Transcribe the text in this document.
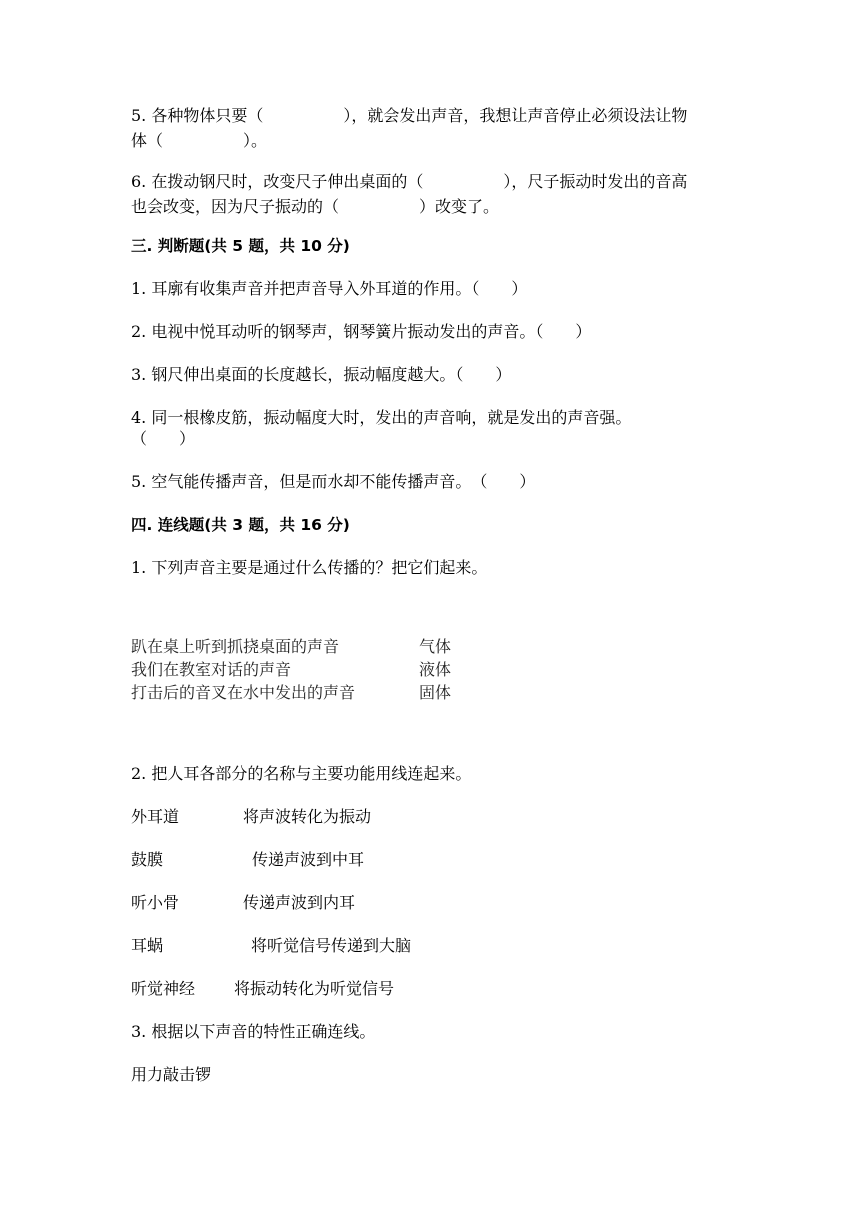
5. 各种物体只要（　　　　　），就会发出声音，我想让声音停止必须设法让物
体（　　　　　）。
6. 在拨动钢尺时，改变尺子伸出桌面的（　　　　　），尺子振动时发出的音高
也会改变，因为尺子振动的（　　　　　）改变了。
三. 判断题(共 5 题，共 10 分)
1. 耳廓有收集声音并把声音导入外耳道的作用。（　　）
2. 电视中悦耳动听的钢琴声，钢琴簧片振动发出的声音。（　　）
3. 钢尺伸出桌面的长度越长，振动幅度越大。（　　）
4. 同一根橡皮筋，振动幅度大时，发出的声音响，就是发出的声音强。
（　　）
5. 空气能传播声音，但是而水却不能传播声音。　（　　）
四. 连线题(共 3 题，共 16 分)
1. 下列声音主要是通过什么传播的？把它们起来。
趴在桌上听到抓挠桌面的声音	气体
我们在教室对话的声音	液体
打击后的音叉在水中发出的声音	固体
2. 把人耳各部分的名称与主要功能用线连起来。
外耳道	将声波转化为振动
鼓膜	传递声波到中耳
听小骨	传递声波到内耳
耳蜗	将听觉信号传递到大脑
听觉神经 将振动转化为听觉信号
3. 根据以下声音的特性正确连线。
用力敲击锣
